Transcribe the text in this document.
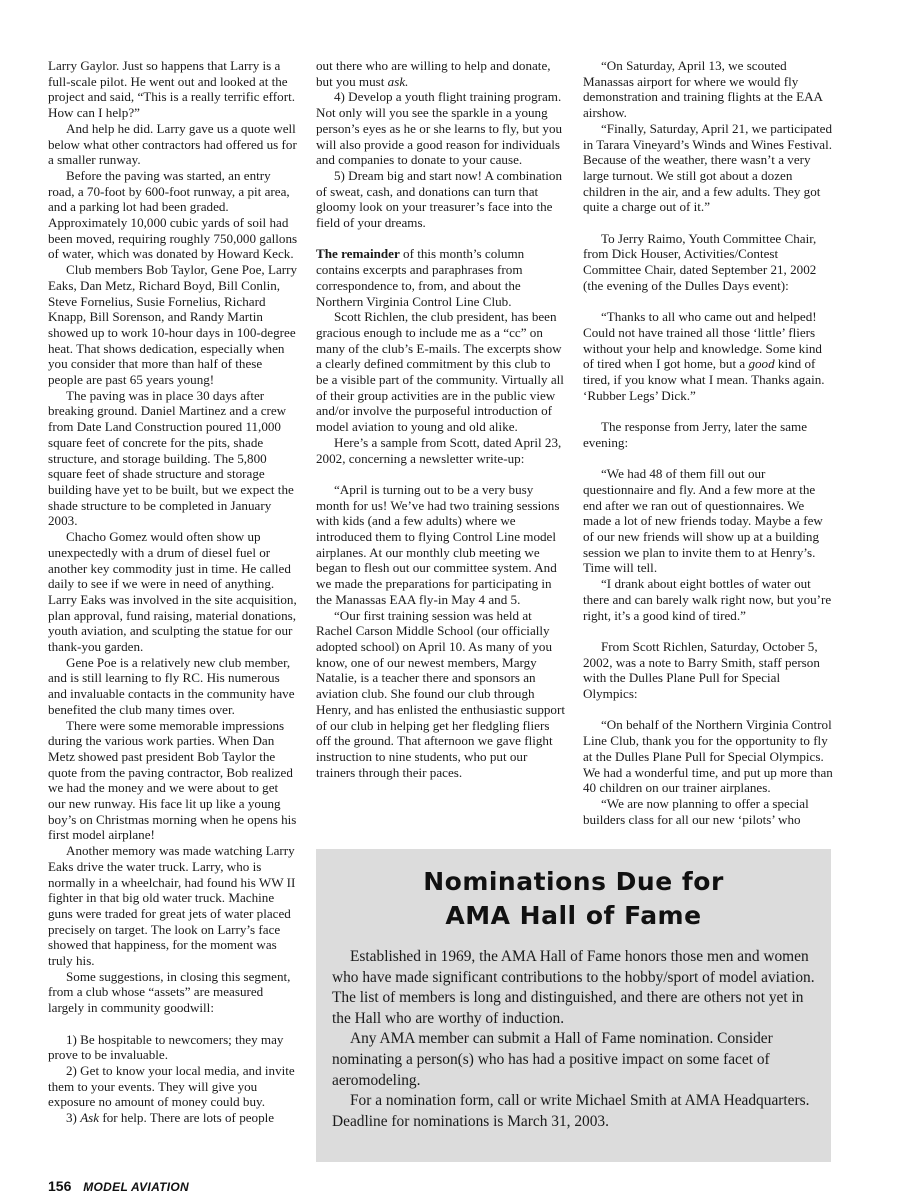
Larry Gaylor. Just so happens that Larry is a full-scale pilot. He went out and looked at the project and said, “This is a really terrific effort. How can I help?”

And help he did. Larry gave us a quote well below what other contractors had offered us for a smaller runway.

Before the paving was started, an entry road, a 70-foot by 600-foot runway, a pit area, and a parking lot had been graded. Approximately 10,000 cubic yards of soil had been moved, requiring roughly 750,000 gallons of water, which was donated by Howard Keck.

Club members Bob Taylor, Gene Poe, Larry Eaks, Dan Metz, Richard Boyd, Bill Conlin, Steve Fornelius, Susie Fornelius, Richard Knapp, Bill Sorenson, and Randy Martin showed up to work 10-hour days in 100-degree heat. That shows dedication, especially when you consider that more than half of these people are past 65 years young!

The paving was in place 30 days after breaking ground. Daniel Martinez and a crew from Date Land Construction poured 11,000 square feet of concrete for the pits, shade structure, and storage building. The 5,800 square feet of shade structure and storage building have yet to be built, but we expect the shade structure to be completed in January 2003.

Chacho Gomez would often show up unexpectedly with a drum of diesel fuel or another key commodity just in time. He called daily to see if we were in need of anything. Larry Eaks was involved in the site acquisition, plan approval, fund raising, material donations, youth aviation, and sculpting the statue for our thank-you garden.

Gene Poe is a relatively new club member, and is still learning to fly RC. His numerous and invaluable contacts in the community have benefited the club many times over.

There were some memorable impressions during the various work parties. When Dan Metz showed past president Bob Taylor the quote from the paving contractor, Bob realized we had the money and we were about to get our new runway. His face lit up like a young boy’s on Christmas morning when he opens his first model airplane!

Another memory was made watching Larry Eaks drive the water truck. Larry, who is normally in a wheelchair, had found his WW II fighter in that big old water truck. Machine guns were traded for great jets of water placed precisely on target. The look on Larry’s face showed that happiness, for the moment was truly his.

Some suggestions, in closing this segment, from a club whose “assets” are measured largely in community goodwill:

1) Be hospitable to newcomers; they may prove to be invaluable.

2) Get to know your local media, and invite them to your events. They will give you exposure no amount of money could buy.

3) Ask for help. There are lots of people

out there who are willing to help and donate, but you must ask.

4) Develop a youth flight training program. Not only will you see the sparkle in a young person’s eyes as he or she learns to fly, but you will also provide a good reason for individuals and companies to donate to your cause.

5) Dream big and start now! A combination of sweat, cash, and donations can turn that gloomy look on your treasurer’s face into the field of your dreams.

The remainder of this month’s column contains excerpts and paraphrases from correspondence to, from, and about the Northern Virginia Control Line Club.

Scott Richlen, the club president, has been gracious enough to include me as a “cc” on many of the club’s E-mails. The excerpts show a clearly defined commitment by this club to be a visible part of the community. Virtually all of their group activities are in the public view and/or involve the purposeful introduction of model aviation to young and old alike.

Here’s a sample from Scott, dated April 23, 2002, concerning a newsletter write-up:

“April is turning out to be a very busy month for us! We’ve had two training sessions with kids (and a few adults) where we introduced them to flying Control Line model airplanes. At our monthly club meeting we began to flesh out our committee system. And we made the preparations for participating in the Manassas EAA fly-in May 4 and 5.

“Our first training session was held at Rachel Carson Middle School (our officially adopted school) on April 10. As many of you know, one of our newest members, Margy Natalie, is a teacher there and sponsors an aviation club. She found our club through Henry, and has enlisted the enthusiastic support of our club in helping get her fledgling fliers off the ground. That afternoon we gave flight instruction to nine students, who put our trainers through their paces.

“On Saturday, April 13, we scouted Manassas airport for where we would fly demonstration and training flights at the EAA airshow.

“Finally, Saturday, April 21, we participated in Tarara Vineyard’s Winds and Wines Festival. Because of the weather, there wasn’t a very large turnout. We still got about a dozen children in the air, and a few adults. They got quite a charge out of it.”

To Jerry Raimo, Youth Committee Chair, from Dick Houser, Activities/Contest Committee Chair, dated September 21, 2002 (the evening of the Dulles Days event):

“Thanks to all who came out and helped! Could not have trained all those ‘little’ fliers without your help and knowledge. Some kind of tired when I got home, but a good kind of tired, if you know what I mean. Thanks again. ‘Rubber Legs’ Dick.”

The response from Jerry, later the same evening:

“We had 48 of them fill out our questionnaire and fly. And a few more at the end after we ran out of questionnaires. We made a lot of new friends today. Maybe a few of our new friends will show up at a building session we plan to invite them to at Henry’s. Time will tell.

“I drank about eight bottles of water out there and can barely walk right now, but you’re right, it’s a good kind of tired.”

From Scott Richlen, Saturday, October 5, 2002, was a note to Barry Smith, staff person with the Dulles Plane Pull for Special Olympics:

“On behalf of the Northern Virginia Control Line Club, thank you for the opportunity to fly at the Dulles Plane Pull for Special Olympics. We had a wonderful time, and put up more than 40 children on our trainer airplanes.

“We are now planning to offer a special builders class for all our new ‘pilots’ who

Nominations Due for
AMA Hall of Fame

Established in 1969, the AMA Hall of Fame honors those men and women who have made significant contributions to the hobby/sport of model aviation. The list of members is long and distinguished, and there are others not yet in the Hall who are worthy of induction.

Any AMA member can submit a Hall of Fame nomination. Consider nominating a person(s) who has had a positive impact on some facet of aeromodeling.

For a nomination form, call or write Michael Smith at AMA Headquarters. Deadline for nominations is March 31, 2003.

156 MODEL AVIATION
